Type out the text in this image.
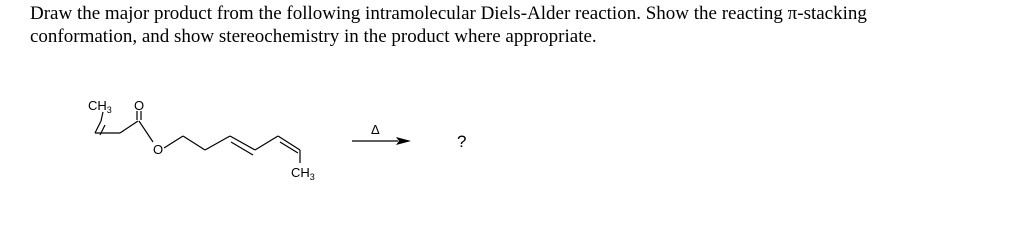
Draw the major product from the following intramolecular Diels-Alder reaction. Show the reacting π-stacking
conformation, and show stereochemistry in the product where appropriate.

$CH_3$ O
O
$CH_3$
Δ
?
